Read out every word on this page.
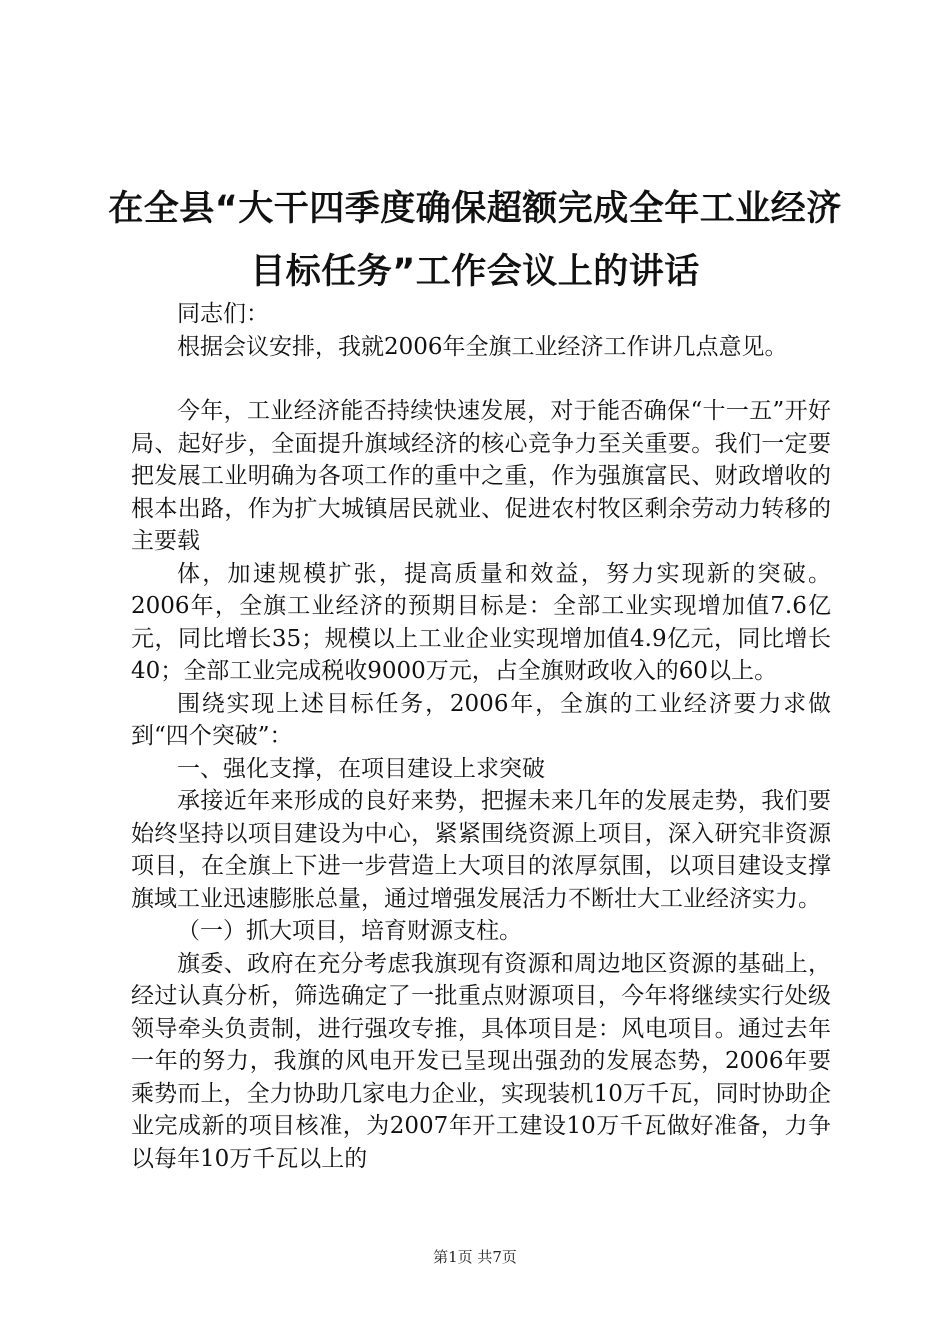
在全县“大干四季度确保超额完成全年工业经济目标任务”工作会议上的讲话

同志们：

根据会议安排，我就2006年全旗工业经济工作讲几点意见。

今年，工业经济能否持续快速发展，对于能否确保“十一五”开好局、起好步，全面提升旗域经济的核心竞争力至关重要。我们一定要把发展工业明确为各项工作的重中之重，作为强旗富民、财政增收的根本出路，作为扩大城镇居民就业、促进农村牧区剩余劳动力转移的主要载

体，加速规模扩张，提高质量和效益，努力实现新的突破。2006年，全旗工业经济的预期目标是：全部工业实现增加值7.6亿元，同比增长35；规模以上工业企业实现增加值4.9亿元，同比增长40；全部工业完成税收9000万元，占全旗财政收入的60以上。

围绕实现上述目标任务，2006年，全旗的工业经济要力求做到“四个突破”：

一、强化支撑，在项目建设上求突破

承接近年来形成的良好来势，把握未来几年的发展走势，我们要始终坚持以项目建设为中心，紧紧围绕资源上项目，深入研究非资源项目，在全旗上下进一步营造上大项目的浓厚氛围，以项目建设支撑旗域工业迅速膨胀总量，通过增强发展活力不断壮大工业经济实力。

（一）抓大项目，培育财源支柱。

旗委、政府在充分考虑我旗现有资源和周边地区资源的基础上，经过认真分析，筛选确定了一批重点财源项目，今年将继续实行处级领导牵头负责制，进行强攻专推，具体项目是：风电项目。通过去年一年的努力，我旗的风电开发已呈现出强劲的发展态势，2006年要乘势而上，全力协助几家电力企业，实现装机10万千瓦，同时协助企业完成新的项目核准，为2007年开工建设10万千瓦做好准备，力争以每年10万千瓦以上的

第1页 共7页
